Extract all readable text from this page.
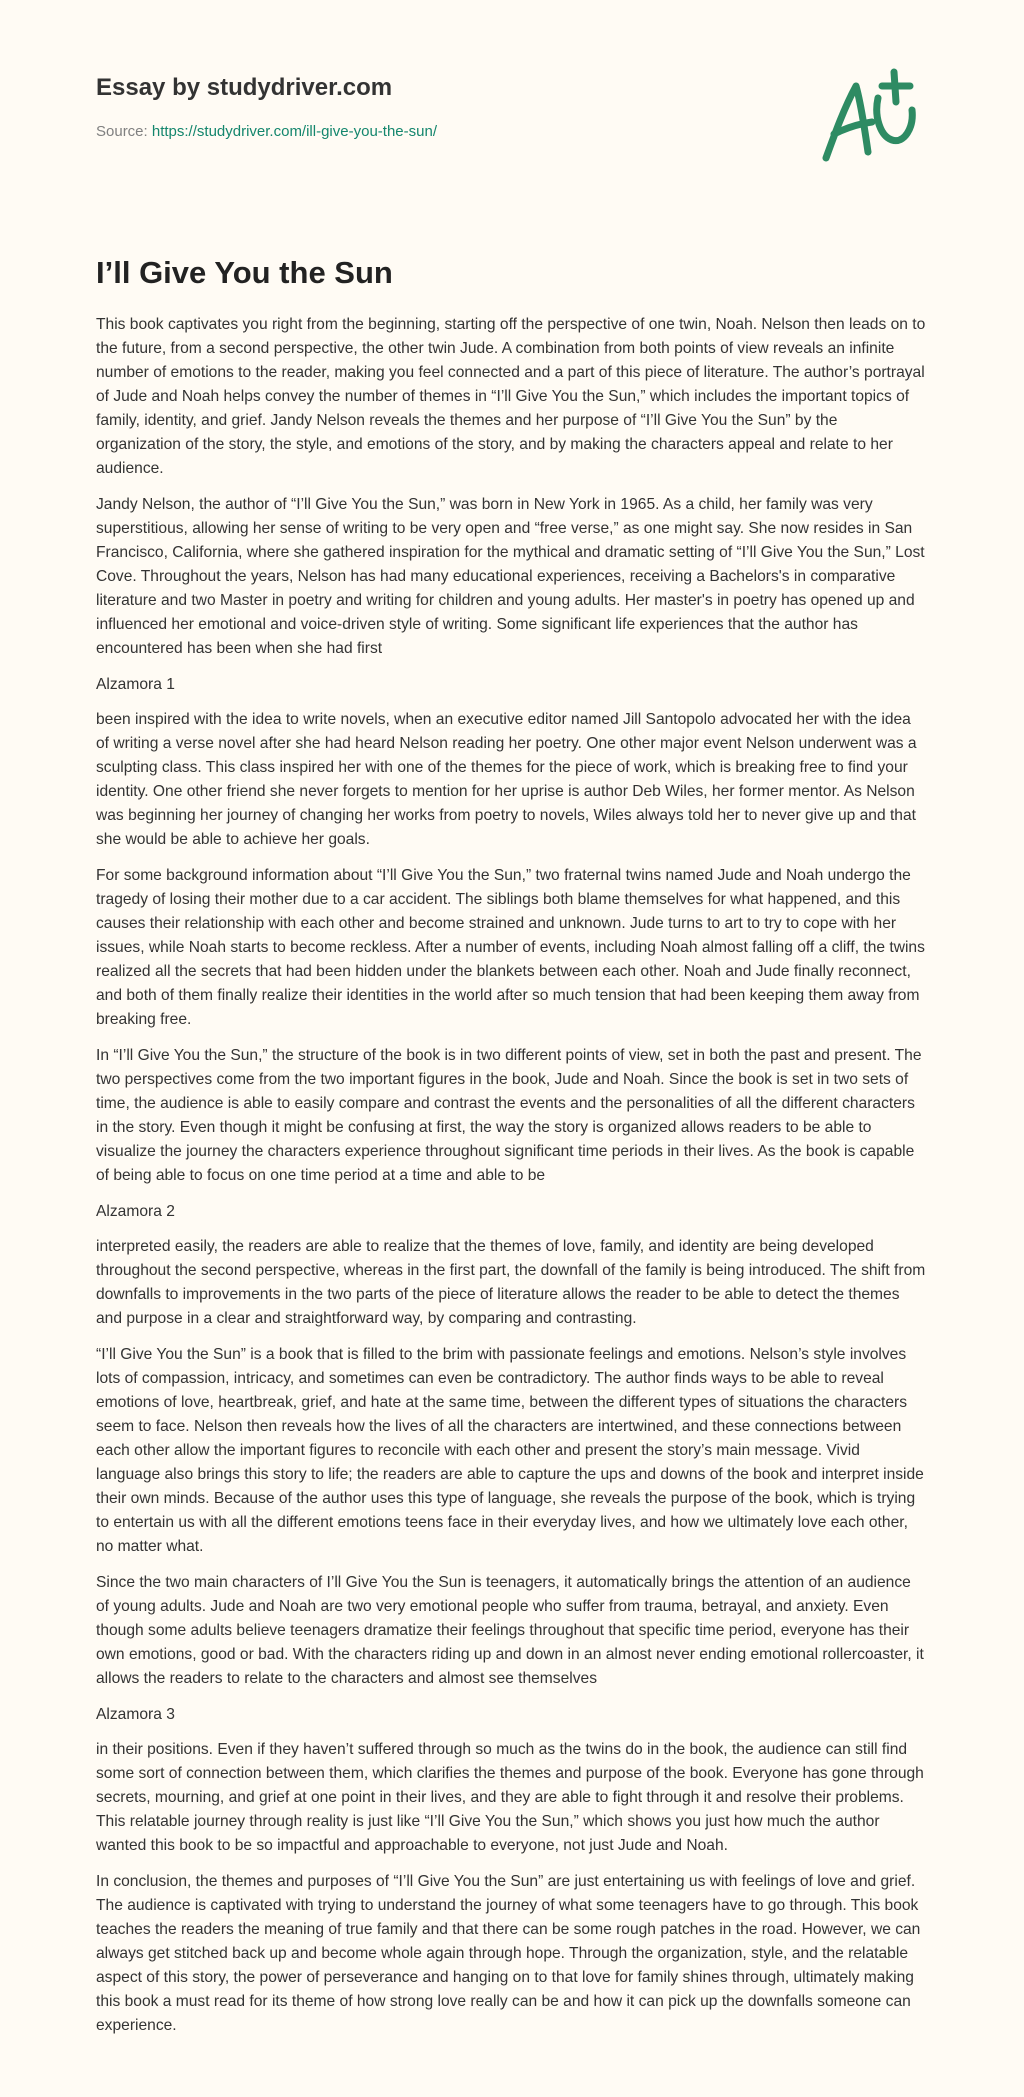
Essay by studydriver.com
Source: https://studydriver.com/ill-give-you-the-sun/
I’ll Give You the Sun

This book captivates you right from the beginning, starting off the perspective of one twin, Noah. Nelson then leads on to the future, from a second perspective, the other twin Jude. A combination from both points of view reveals an infinite number of emotions to the reader, making you feel connected and a part of this piece of literature. The author’s portrayal of Jude and Noah helps convey the number of themes in “I’ll Give You the Sun,” which includes the important topics of family, identity, and grief. Jandy Nelson reveals the themes and her purpose of “I’ll Give You the Sun” by the organization of the story, the style, and emotions of the story, and by making the characters appeal and relate to her audience.

Jandy Nelson, the author of “I’ll Give You the Sun,” was born in New York in 1965. As a child, her family was very superstitious, allowing her sense of writing to be very open and “free verse,” as one might say. She now resides in San Francisco, California, where she gathered inspiration for the mythical and dramatic setting of “I’ll Give You the Sun,” Lost Cove. Throughout the years, Nelson has had many educational experiences, receiving a Bachelors's in comparative literature and two Master in poetry and writing for children and young adults. Her master's in poetry has opened up and influenced her emotional and voice-driven style of writing. Some significant life experiences that the author has encountered has been when she had first

Alzamora 1

been inspired with the idea to write novels, when an executive editor named Jill Santopolo advocated her with the idea of writing a verse novel after she had heard Nelson reading her poetry. One other major event Nelson underwent was a sculpting class. This class inspired her with one of the themes for the piece of work, which is breaking free to find your identity. One other friend she never forgets to mention for her uprise is author Deb Wiles, her former mentor. As Nelson was beginning her journey of changing her works from poetry to novels, Wiles always told her to never give up and that she would be able to achieve her goals.

For some background information about “I’ll Give You the Sun,” two fraternal twins named Jude and Noah undergo the tragedy of losing their mother due to a car accident. The siblings both blame themselves for what happened, and this causes their relationship with each other and become strained and unknown. Jude turns to art to try to cope with her issues, while Noah starts to become reckless. After a number of events, including Noah almost falling off a cliff, the twins realized all the secrets that had been hidden under the blankets between each other. Noah and Jude finally reconnect, and both of them finally realize their identities in the world after so much tension that had been keeping them away from breaking free.

In “I’ll Give You the Sun,” the structure of the book is in two different points of view, set in both the past and present. The two perspectives come from the two important figures in the book, Jude and Noah. Since the book is set in two sets of time, the audience is able to easily compare and contrast the events and the personalities of all the different characters in the story. Even though it might be confusing at first, the way the story is organized allows readers to be able to visualize the journey the characters experience throughout significant time periods in their lives. As the book is capable of being able to focus on one time period at a time and able to be

Alzamora 2

interpreted easily, the readers are able to realize that the themes of love, family, and identity are being developed throughout the second perspective, whereas in the first part, the downfall of the family is being introduced. The shift from downfalls to improvements in the two parts of the piece of literature allows the reader to be able to detect the themes and purpose in a clear and straightforward way, by comparing and contrasting.

“I’ll Give You the Sun” is a book that is filled to the brim with passionate feelings and emotions. Nelson’s style involves lots of compassion, intricacy, and sometimes can even be contradictory. The author finds ways to be able to reveal emotions of love, heartbreak, grief, and hate at the same time, between the different types of situations the characters seem to face. Nelson then reveals how the lives of all the characters are intertwined, and these connections between each other allow the important figures to reconcile with each other and present the story’s main message. Vivid language also brings this story to life; the readers are able to capture the ups and downs of the book and interpret inside their own minds. Because of the author uses this type of language, she reveals the purpose of the book, which is trying to entertain us with all the different emotions teens face in their everyday lives, and how we ultimately love each other, no matter what.

Since the two main characters of I’ll Give You the Sun is teenagers, it automatically brings the attention of an audience of young adults. Jude and Noah are two very emotional people who suffer from trauma, betrayal, and anxiety. Even though some adults believe teenagers dramatize their feelings throughout that specific time period, everyone has their own emotions, good or bad. With the characters riding up and down in an almost never ending emotional rollercoaster, it allows the readers to relate to the characters and almost see themselves

Alzamora 3

in their positions. Even if they haven’t suffered through so much as the twins do in the book, the audience can still find some sort of connection between them, which clarifies the themes and purpose of the book. Everyone has gone through secrets, mourning, and grief at one point in their lives, and they are able to fight through it and resolve their problems. This relatable journey through reality is just like “I’ll Give You the Sun,” which shows you just how much the author wanted this book to be so impactful and approachable to everyone, not just Jude and Noah.

In conclusion, the themes and purposes of “I’ll Give You the Sun” are just entertaining us with feelings of love and grief. The audience is captivated with trying to understand the journey of what some teenagers have to go through. This book teaches the readers the meaning of true family and that there can be some rough patches in the road. However, we can always get stitched back up and become whole again through hope. Through the organization, style, and the relatable aspect of this story, the power of perseverance and hanging on to that love for family shines through, ultimately making this book a must read for its theme of how strong love really can be and how it can pick up the downfalls someone can experience.
